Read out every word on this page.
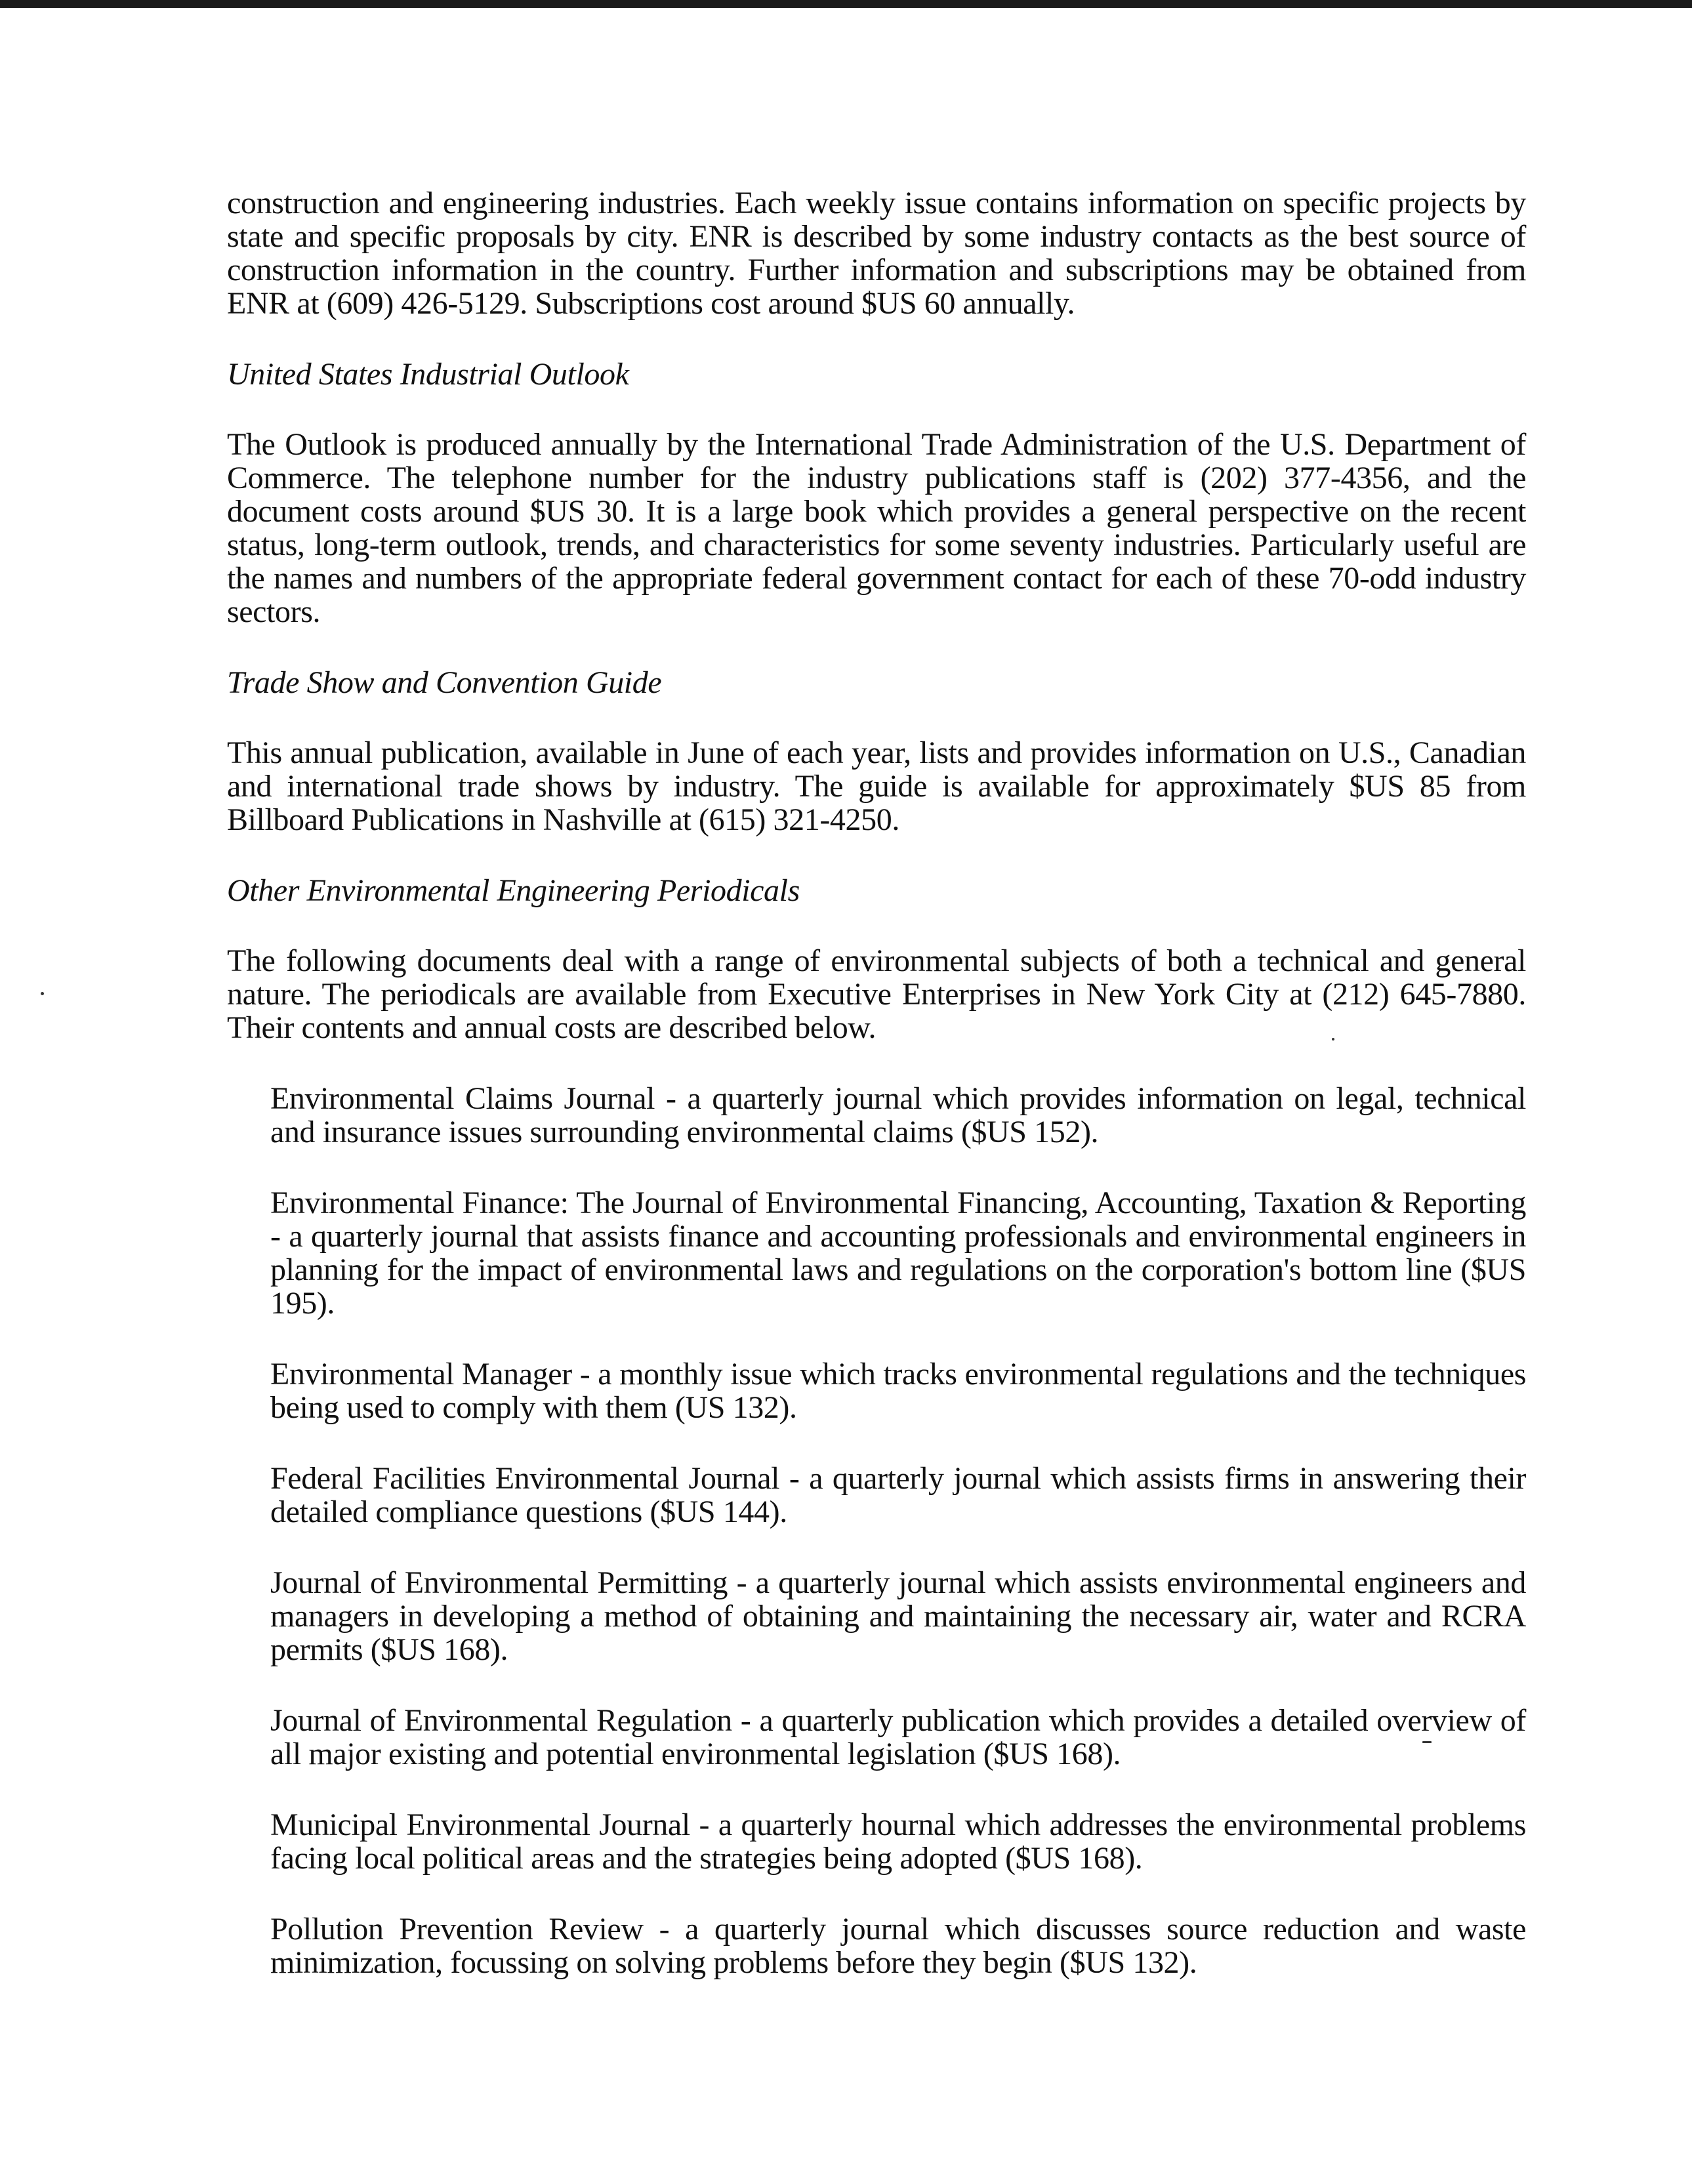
construction and engineering industries. Each weekly issue contains information on specific projects by state and specific proposals by city. ENR is described by some industry contacts as the best source of construction information in the country. Further information and subscriptions may be obtained from ENR at (609) 426-5129. Subscriptions cost around $US 60 annually.

United States Industrial Outlook

The Outlook is produced annually by the International Trade Administration of the U.S. Department of Commerce. The telephone number for the industry publications staff is (202) 377-4356, and the document costs around $US 30. It is a large book which provides a general perspective on the recent status, long-term outlook, trends, and characteristics for some seventy industries. Particularly useful are the names and numbers of the appropriate federal government contact for each of these 70-odd industry sectors.

Trade Show and Convention Guide

This annual publication, available in June of each year, lists and provides information on U.S., Canadian and international trade shows by industry. The guide is available for approximately $US 85 from Billboard Publications in Nashville at (615) 321-4250.

Other Environmental Engineering Periodicals

The following documents deal with a range of environmental subjects of both a technical and general nature. The periodicals are available from Executive Enterprises in New York City at (212) 645-7880. Their contents and annual costs are described below.

Environmental Claims Journal - a quarterly journal which provides information on legal, technical and insurance issues surrounding environmental claims ($US 152).

Environmental Finance: The Journal of Environmental Financing, Accounting, Taxation & Reporting - a quarterly journal that assists finance and accounting professionals and environmental engineers in planning for the impact of environmental laws and regulations on the corporation's bottom line ($US 195).

Environmental Manager - a monthly issue which tracks environmental regulations and the techniques being used to comply with them (US 132).

Federal Facilities Environmental Journal - a quarterly journal which assists firms in answering their detailed compliance questions ($US 144).

Journal of Environmental Permitting - a quarterly journal which assists environmental engineers and managers in developing a method of obtaining and maintaining the necessary air, water and RCRA permits ($US 168).

Journal of Environmental Regulation - a quarterly publication which provides a detailed overview of all major existing and potential environmental legislation ($US 168).

Municipal Environmental Journal - a quarterly hournal which addresses the environmental problems facing local political areas and the strategies being adopted ($US 168).

Pollution Prevention Review - a quarterly journal which discusses source reduction and waste minimization, focussing on solving problems before they begin ($US 132).
